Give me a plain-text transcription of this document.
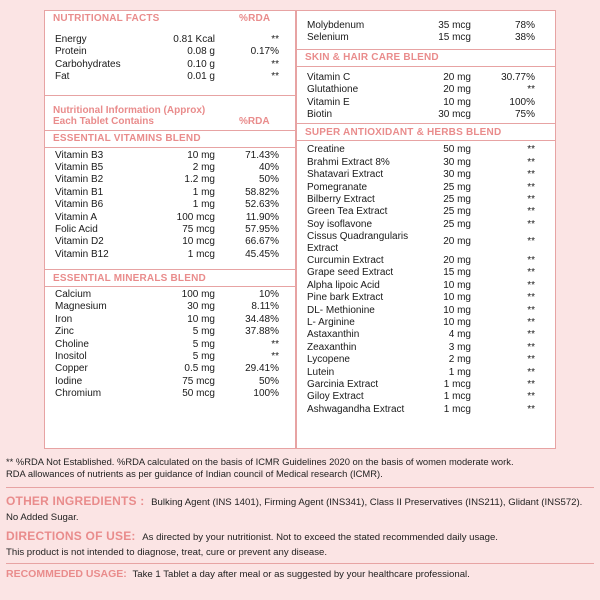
NUTRITIONAL FACTS	%RDA
Energy	0.81 Kcal	**
Protein	0.08 g	0.17%
Carbohydrates	0.10 g	**
Fat	0.01 g	**
Nutritional Information (Approx)
Each Tablet Contains	%RDA
ESSENTIAL VITAMINS BLEND
Vitamin B3	10 mg	71.43%
Vitamin B5	2 mg	40%
Vitamin B2	1.2 mg	50%
Vitamin B1	1 mg	58.82%
Vitamin B6	1 mg	52.63%
Vitamin A	100 mcg	11.90%
Folic Acid	75 mcg	57.95%
Vitamin D2	10 mcg	66.67%
Vitamin B12	1 mcg	45.45%
ESSENTIAL MINERALS BLEND
Calcium	100 mg	10%
Magnesium	30 mg	8.11%
Iron	10 mg	34.48%
Zinc	5 mg	37.88%
Choline	5 mg	**
Inositol	5 mg	**
Copper	0.5 mg	29.41%
Iodine	75 mcg	50%
Chromium	50 mcg	100%
Molybdenum	35 mcg	78%
Selenium	15 mcg	38%
SKIN & HAIR CARE BLEND
Vitamin C	20 mg	30.77%
Glutathione	20 mg	**
Vitamin E	10 mg	100%
Biotin	30 mcg	75%
SUPER ANTIOXIDANT & HERBS BLEND
Creatine	50 mg	**
Brahmi Extract 8%	30 mg	**
Shatavari Extract	30 mg	**
Pomegranate	25 mg	**
Bilberry Extract	25 mg	**
Green Tea Extract	25 mg	**
Soy isoflavone	25 mg	**
Cissus Quadrangularis Extract
20 mg	**
Curcumin Extract	20 mg	**
Grape seed Extract	15 mg	**
Alpha lipoic Acid	10 mg	**
Pine bark Extract	10 mg	**
DL- Methionine	10 mg	**
L- Arginine	10 mg	**
Astaxanthin	4 mg	**
Zeaxanthin	3 mg	**
Lycopene	2 mg	**
Lutein	1 mg	**
Garcinia Extract	1 mcg	**
Giloy Extract	1 mcg	**
Ashwagandha Extract	1 mcg	**
** %RDA Not Established. %RDA calculated on the basis of ICMR Guidelines 2020 on the basis of women moderate work.
RDA allowances of nutrients as per guidance of Indian council of Medical research (ICMR).
OTHER INGREDIENTS : Bulking Agent (INS 1401), Firming Agent (INS341), Class II Preservatives (INS211), Glidant (INS572).
No Added Sugar.
DIRECTIONS OF USE: As directed by your nutritionist. Not to exceed the stated recommended daily usage.
This product is not intended to diagnose, treat, cure or prevent any disease.
RECOMMEDED USAGE: Take 1 Tablet a day after meal or as suggested by your healthcare professional.
